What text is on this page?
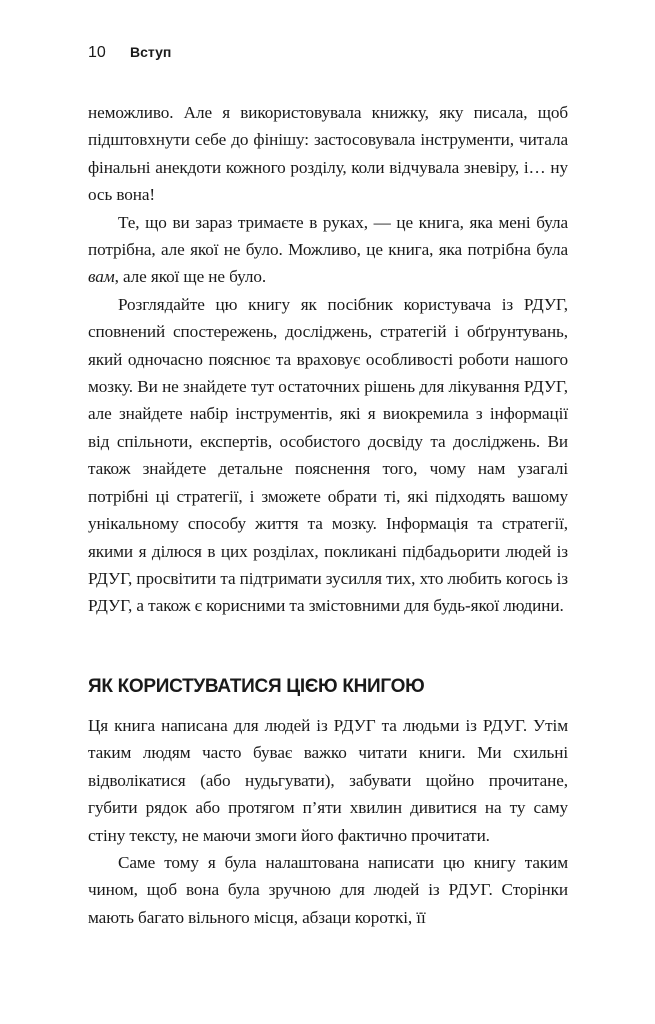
10	Вступ

неможливо. Але я використовувала книжку, яку писала, щоб підштовхнути себе до фінішу: застосовувала інструменти, читала фінальні анекдоти кожного розділу, коли відчувала зневіру, і… ну ось вона!

Те, що ви зараз тримаєте в руках, — це книга, яка мені була потрібна, але якої не було. Можливо, це книга, яка потрібна була вам, але якої ще не було.

Розглядайте цю книгу як посібник користувача із РДУГ, сповнений спостережень, досліджень, стратегій і обґрунтувань, який одночасно пояснює та враховує особливості роботи нашого мозку. Ви не знайдете тут остаточних рішень для лікування РДУГ, але знайдете набір інструментів, які я виокремила з інформації від спільноти, експертів, особистого досвіду та досліджень. Ви також знайдете детальне пояснення того, чому нам узагалі потрібні ці стратегії, і зможете обрати ті, які підходять вашому унікальному способу життя та мозку. Інформація та стратегії, якими я ділюся в цих розділах, покликані підбадьорити людей із РДУГ, просвітити та підтримати зусилля тих, хто любить когось із РДУГ, а також є корисними та змістовними для будь-якої людини.

ЯК КОРИСТУВАТИСЯ ЦІЄЮ КНИГОЮ

Ця книга написана для людей із РДУГ та людьми із РДУГ. Утім таким людям часто буває важко читати книги. Ми схильні відволікатися (або нудьгувати), забувати щойно прочитане, губити рядок або протягом п’яти хвилин дивитися на ту саму стіну тексту, не маючи змоги його фактично прочитати.

Саме тому я була налаштована написати цю книгу таким чином, щоб вона була зручною для людей із РДУГ. Сторінки мають багато вільного місця, абзаци короткі, її
